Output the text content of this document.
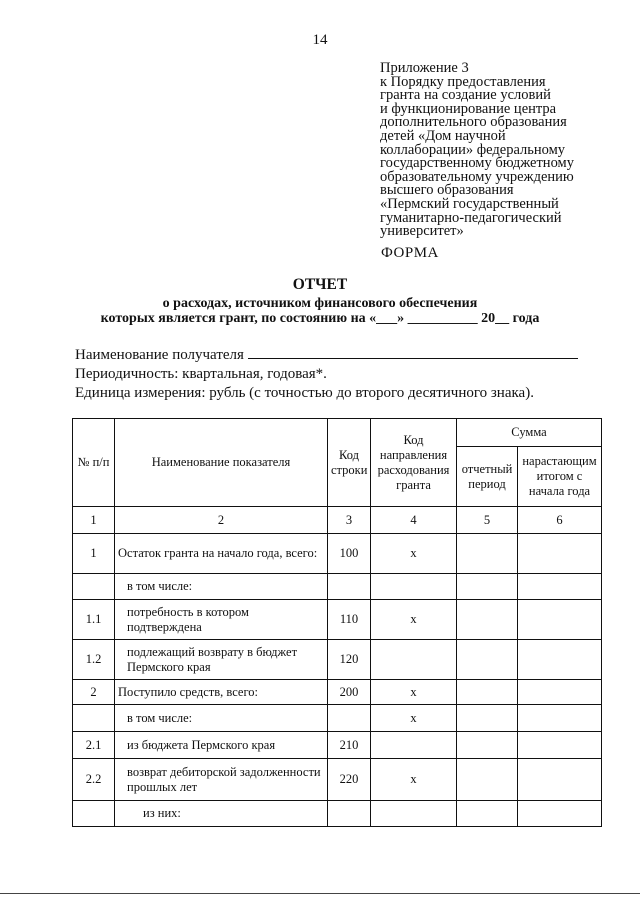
14
Приложение 3
к Порядку предоставления
гранта на создание условий
и функционирование центра
дополнительного образования
детей «Дом научной
коллаборации» федеральному
государственному бюджетному
образовательному учреждению
высшего образования
«Пермский государственный
гуманитарно-педагогический
университет»
ФОРМА
ОТЧЕТ
о расходах, источником финансового обеспечения
которых является грант, по состоянию на «___» __________ 20__ года
Наименование получателя
Периодичность: квартальная, годовая*.
Единица измерения: рубль (с точностью до второго десятичного знака).
№ п/п	Наименование показателя	Код строки	Код направления расходования гранта	Сумма	
				отчетный период	нарастающим итогом с начала года
1	2	3	4	5	6
1	Остаток гранта на начало года, всего:	100	x		
	в том числе:				
1.1	потребность в котором подтверждена	110	x		
1.2	подлежащий возврату в бюджет Пермского края	120			
2	Поступило средств, всего:	200	x		
	в том числе:		x		
2.1	из бюджета Пермского края	210			
2.2	возврат дебиторской задолженности прошлых лет	220	x		
	из них:				
